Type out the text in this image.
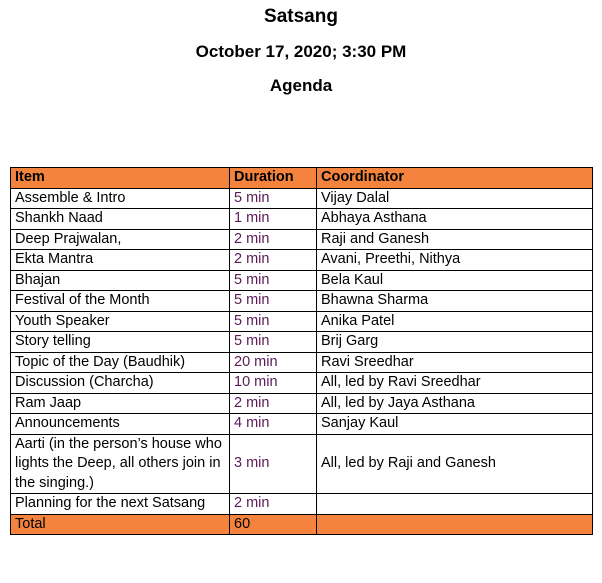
Satsang
October 17, 2020; 3:30 PM
Agenda
Item	Duration	Coordinator
Assemble & Intro	5 min	Vijay Dalal
Shankh Naad	1 min	Abhaya Asthana
Deep Prajwalan,	2 min	Raji and Ganesh
Ekta Mantra	2 min	Avani, Preethi, Nithya
Bhajan	5 min	Bela Kaul
Festival of the Month	5 min	Bhawna Sharma
Youth Speaker	5 min	Anika Patel
Story telling	5 min	Brij Garg
Topic of the Day (Baudhik)	20 min	Ravi Sreedhar
Discussion (Charcha)	10 min	All, led by Ravi Sreedhar
Ram Jaap	2 min	All, led by Jaya Asthana
Announcements	4 min	Sanjay Kaul
Aarti (in the person’s house who lights the Deep, all others join in the singing.)	3 min	All, led by Raji and Ganesh
Planning for the next Satsang	2 min	
Total	60	
